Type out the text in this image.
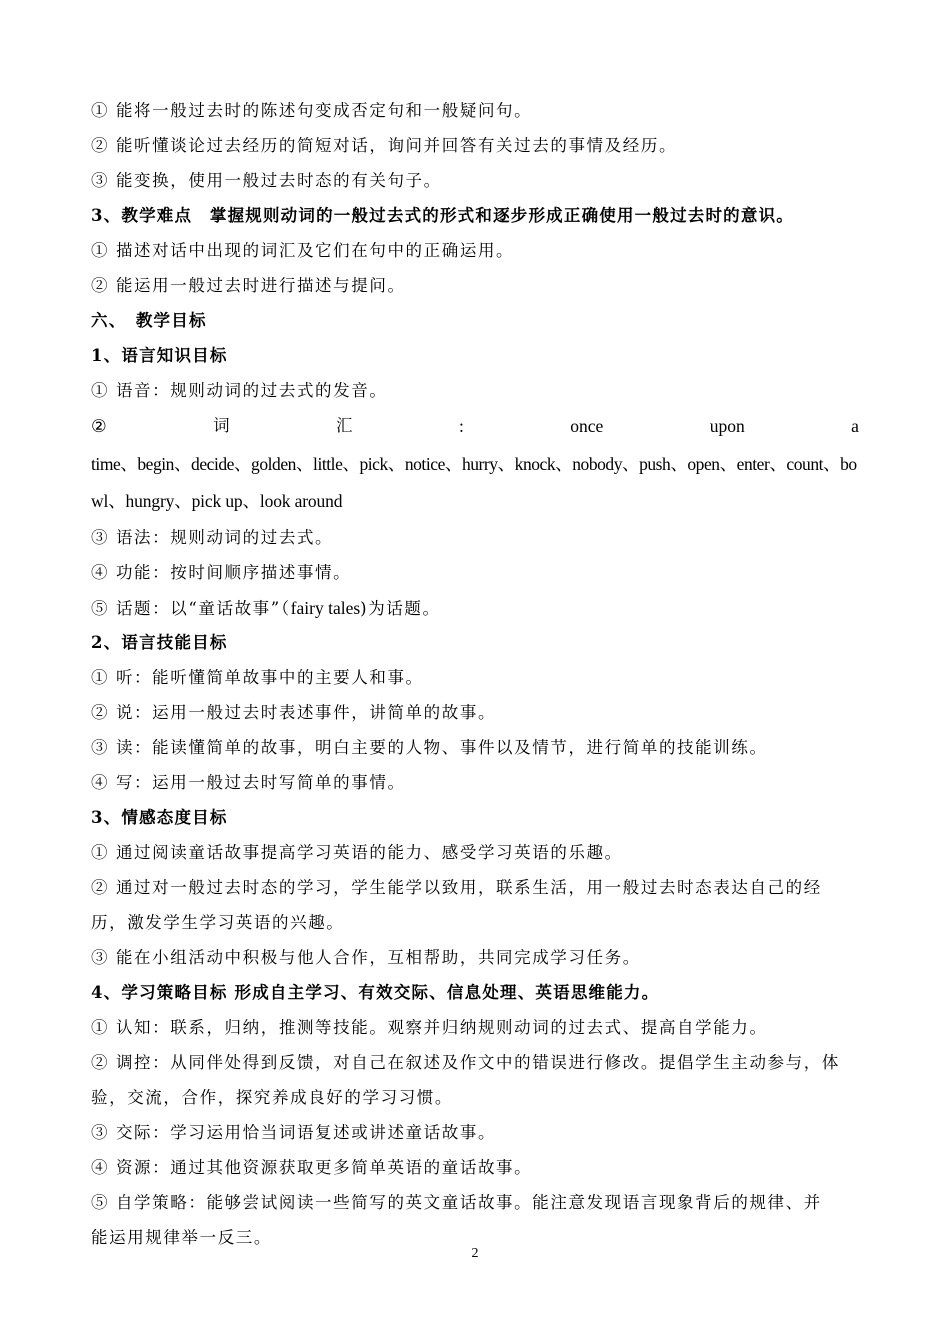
① 能将一般过去时的陈述句变成否定句和一般疑问句。
② 能听懂谈论过去经历的简短对话，询问并回答有关过去的事情及经历。
③ 能变换，使用一般过去时态的有关句子。
3、教学难点　掌握规则动词的一般过去式的形式和逐步形成正确使用一般过去时的意识。
① 描述对话中出现的词汇及它们在句中的正确运用。
② 能运用一般过去时进行描述与提问。
六、　教学目标
1、语言知识目标
① 语音：规则动词的过去式的发音。
②	词	汇	:	once	upon	a
time、begin、decide、golden、little、pick、notice、hurry、knock、nobody、push、open、enter、count、bo
wl、hungry、pick up、look around
③ 语法：规则动词的过去式。
④ 功能：按时间顺序描述事情。
⑤ 话题：以“童话故事”（fairy tales)为话题。
2、语言技能目标
① 听：能听懂简单故事中的主要人和事。
② 说：运用一般过去时表述事件，讲简单的故事。
③ 读：能读懂简单的故事，明白主要的人物、事件以及情节，进行简单的技能训练。
④ 写：运用一般过去时写简单的事情。
3、情感态度目标
① 通过阅读童话故事提高学习英语的能力、感受学习英语的乐趣。
② 通过对一般过去时态的学习，学生能学以致用，联系生活，用一般过去时态表达自己的经
历，激发学生学习英语的兴趣。
③ 能在小组活动中积极与他人合作，互相帮助，共同完成学习任务。
4、学习策略目标 形成自主学习、有效交际、信息处理、英语思维能力。
① 认知：联系，归纳，推测等技能。观察并归纳规则动词的过去式、提高自学能力。
② 调控：从同伴处得到反馈，对自己在叙述及作文中的错误进行修改。提倡学生主动参与，体
验，交流，合作，探究养成良好的学习习惯。
③ 交际：学习运用恰当词语复述或讲述童话故事。
④ 资源：通过其他资源获取更多简单英语的童话故事。
⑤ 自学策略：能够尝试阅读一些简写的英文童话故事。能注意发现语言现象背后的规律、并
能运用规律举一反三。
2
